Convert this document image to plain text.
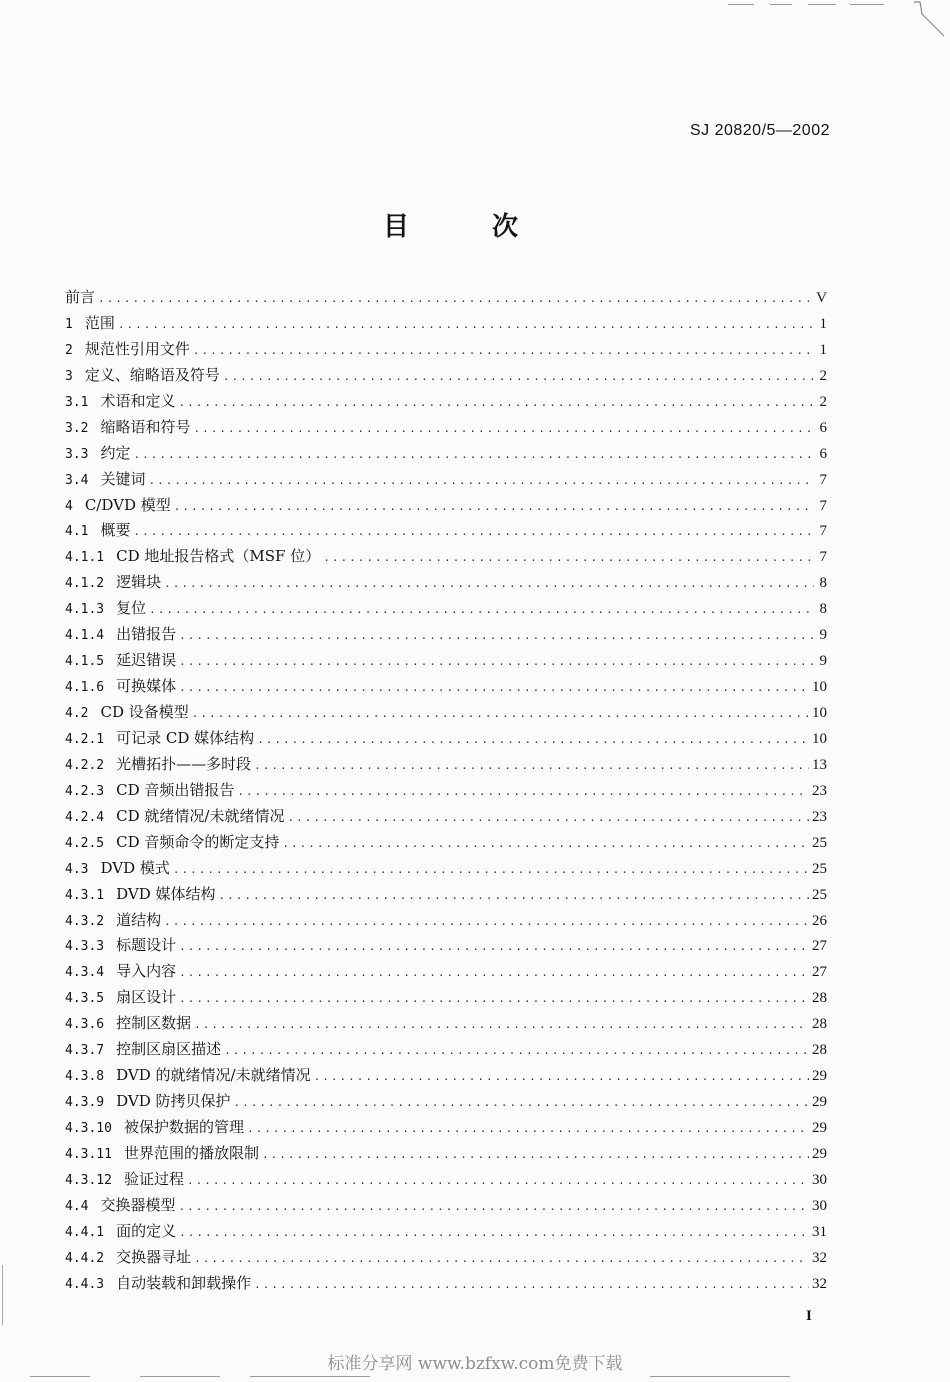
SJ 20820/5—2002
目	次
前言 .....	V
1 范围 .....	1
2 规范性引用文件 .....	1
3 定义、缩略语及符号 .....	2
3.1 术语和定义 .....	2
3.2 缩略语和符号 .....	6
3.3 约定 .....	6
3.4 关键词 .....	7
4 C/DVD 模型 .....	7
4.1 概要 .....	7
4.1.1 CD 地址报告格式（MSF 位） .....	7
4.1.2 逻辑块 .....	8
4.1.3 复位 .....	8
4.1.4 出错报告 .....	9
4.1.5 延迟错误 .....	9
4.1.6 可换媒体 .....	10
4.2 CD 设备模型 .....	10
4.2.1 可记录 CD 媒体结构 .....	10
4.2.2 光槽拓扑——多时段 .....	13
4.2.3 CD 音频出错报告 .....	23
4.2.4 CD 就绪情况/未就绪情况 .....	23
4.2.5 CD 音频命令的断定支持 .....	25
4.3 DVD 模式 .....	25
4.3.1 DVD 媒体结构 .....	25
4.3.2 道结构 .....	26
4.3.3 标题设计 .....	27
4.3.4 导入内容 .....	27
4.3.5 扇区设计 .....	28
4.3.6 控制区数据 .....	28
4.3.7 控制区扇区描述 .....	28
4.3.8 DVD 的就绪情况/未就绪情况 .....	29
4.3.9 DVD 防拷贝保护 .....	29
4.3.10 被保护数据的管理 .....	29
4.3.11 世界范围的播放限制 .....	29
4.3.12 验证过程 .....	30
4.4 交换器模型 .....	30
4.4.1 面的定义 .....	31
4.4.2 交换器寻址 .....	32
4.4.3 自动装载和卸载操作 .....	32
I
标准分享网 www.bzfxw.com免费下载
